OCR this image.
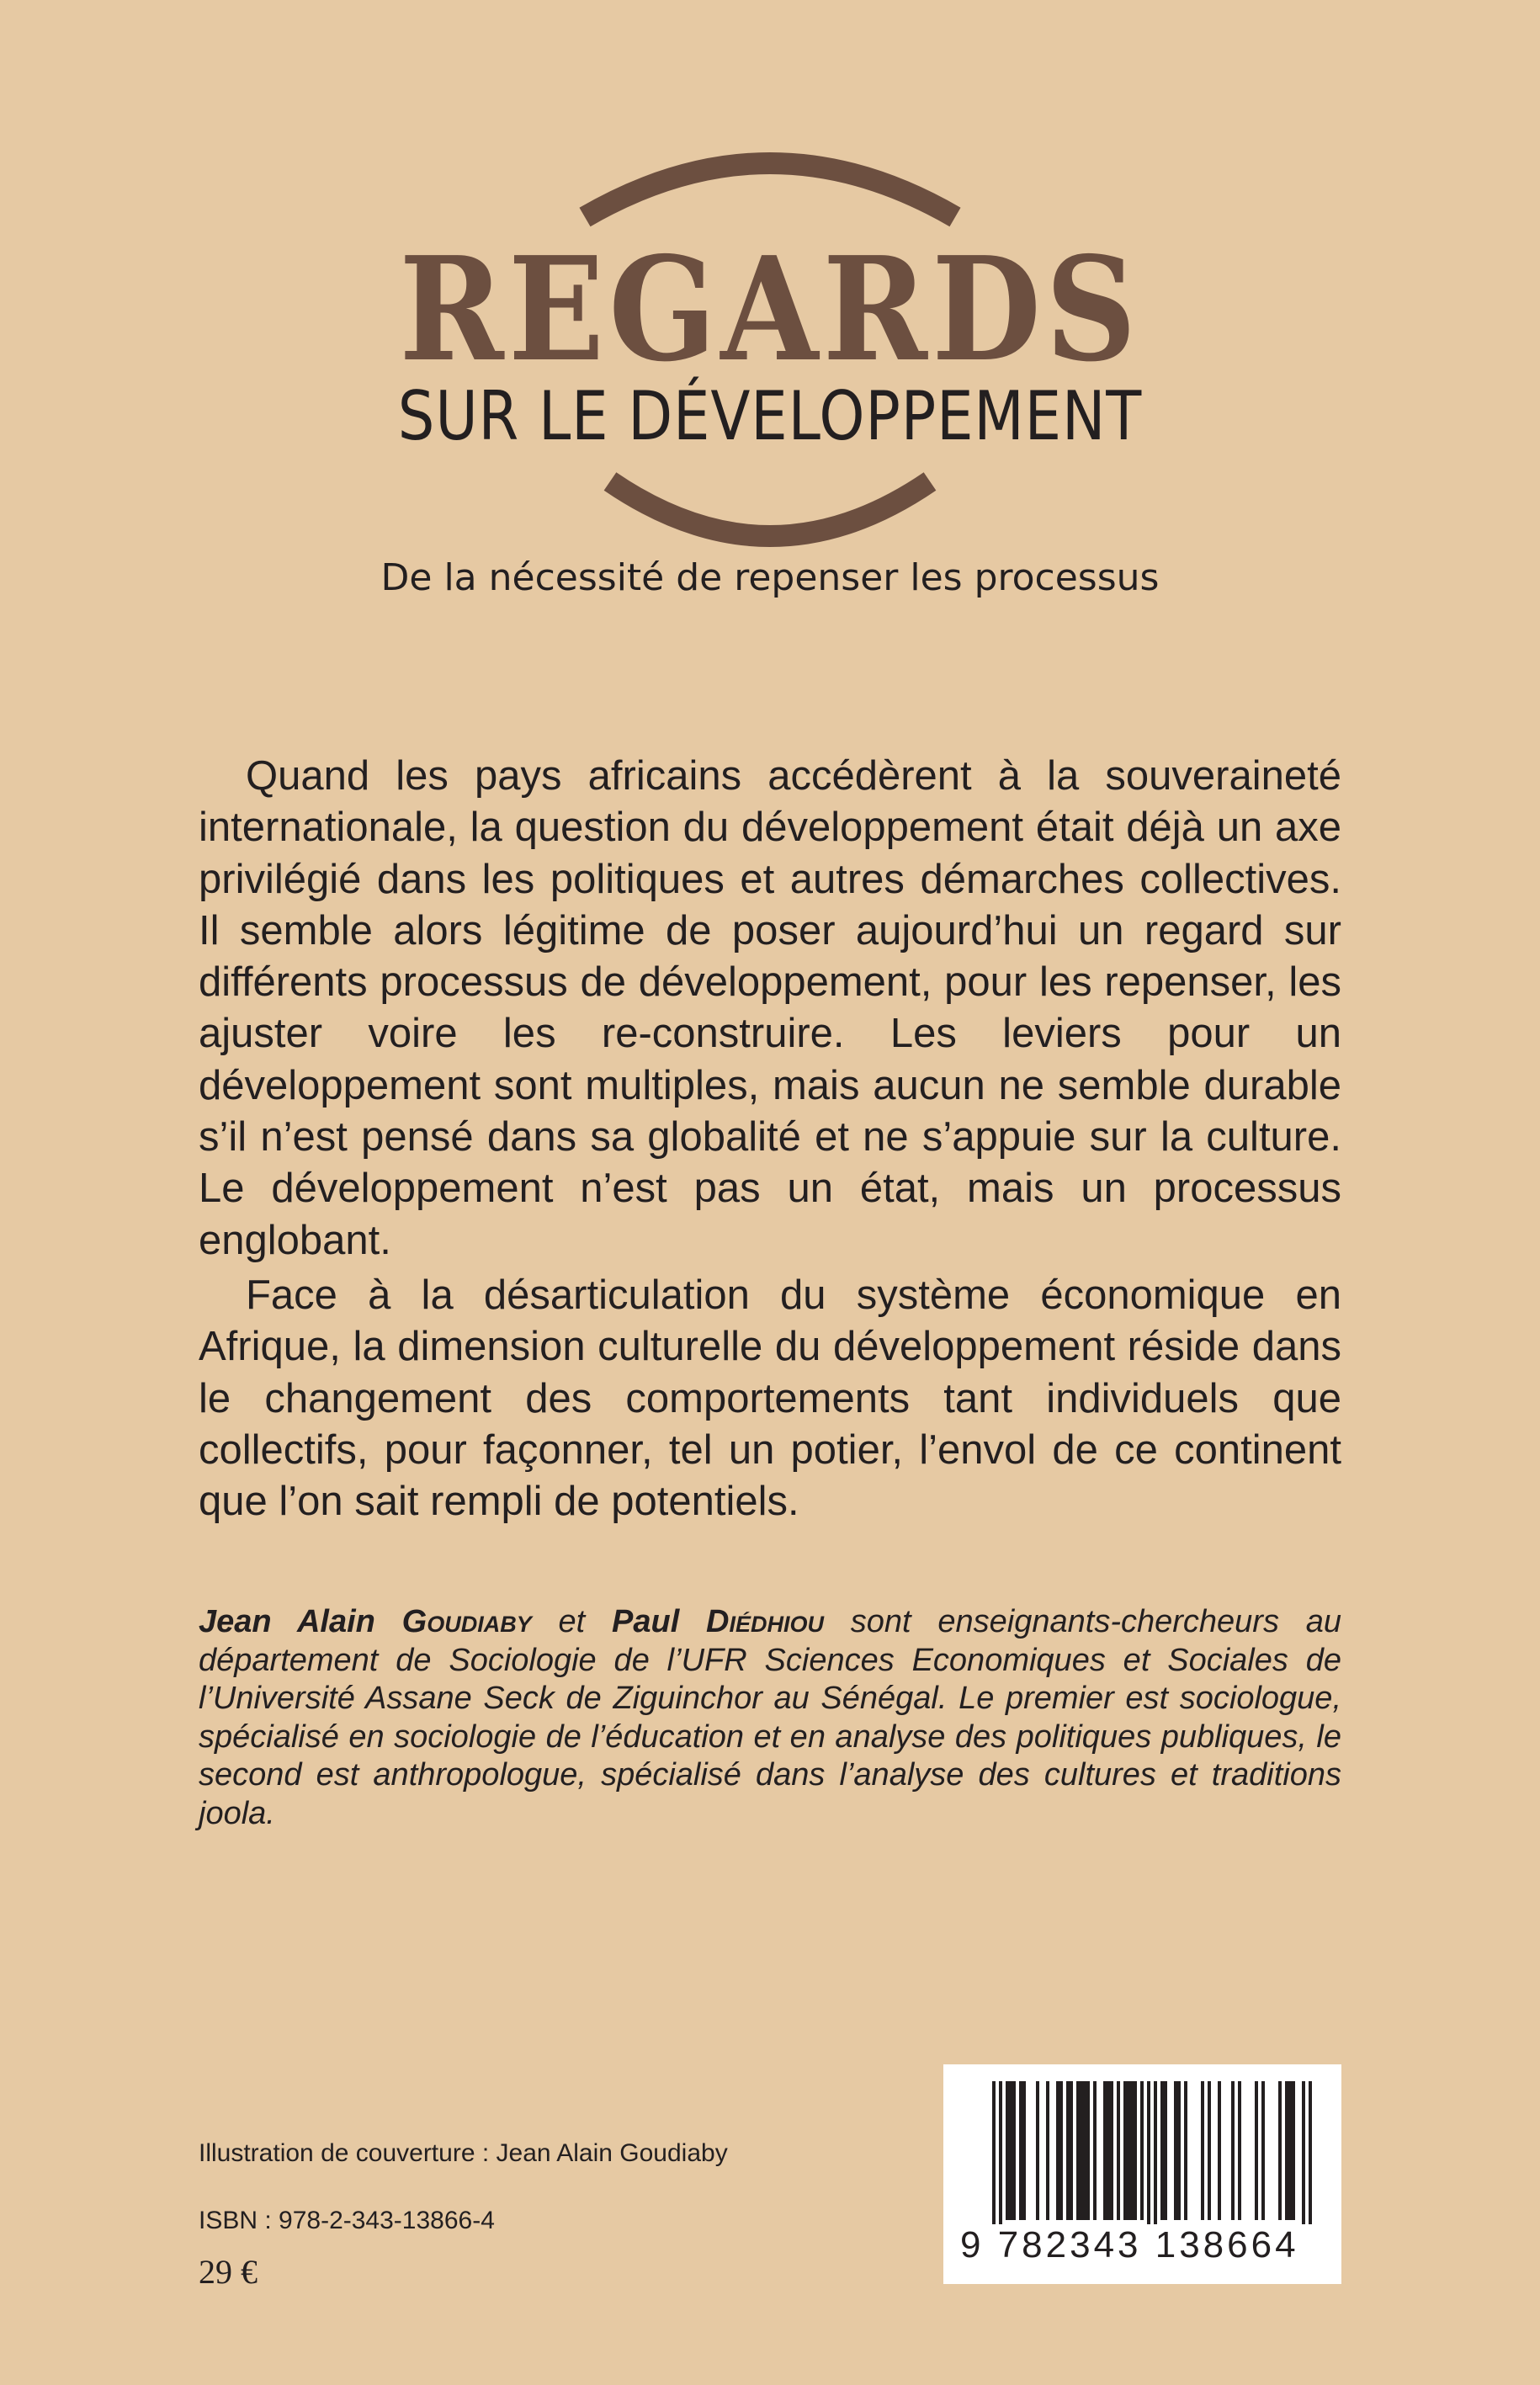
REGARDS
SUR LE DÉVELOPPEMENT
De la nécessité de repenser les processus

Quand les pays africains accédèrent à la souveraineté internationale, la question du développement était déjà un axe privilégié dans les politiques et autres démarches collectives. Il semble alors légitime de poser aujourd’hui un regard sur différents processus de développement, pour les repenser, les ajuster voire les re-construire. Les leviers pour un développement sont multiples, mais aucun ne semble durable s’il n’est pensé dans sa globalité et ne s’appuie sur la culture. Le développement n’est pas un état, mais un processus englobant.

Face à la désarticulation du système économique en Afrique, la dimension culturelle du développement réside dans le changement des comportements tant individuels que collectifs, pour façonner, tel un potier, l’envol de ce continent que l’on sait rempli de potentiels.

Jean Alain Goudiaby et Paul Diédhiou sont enseignants-chercheurs au département de Sociologie de l’UFR Sciences Economiques et Sociales de l’Université Assane Seck de Ziguinchor au Sénégal. Le premier est sociologue, spécialisé en sociologie de l’éducation et en analyse des politiques publiques, le second est anthropologue, spécialisé dans l’analyse des cultures et traditions joola.
Illustration de couverture : Jean Alain Goudiaby
ISBN : 978-2-343-13866-4
29 €
9 782343 138664
